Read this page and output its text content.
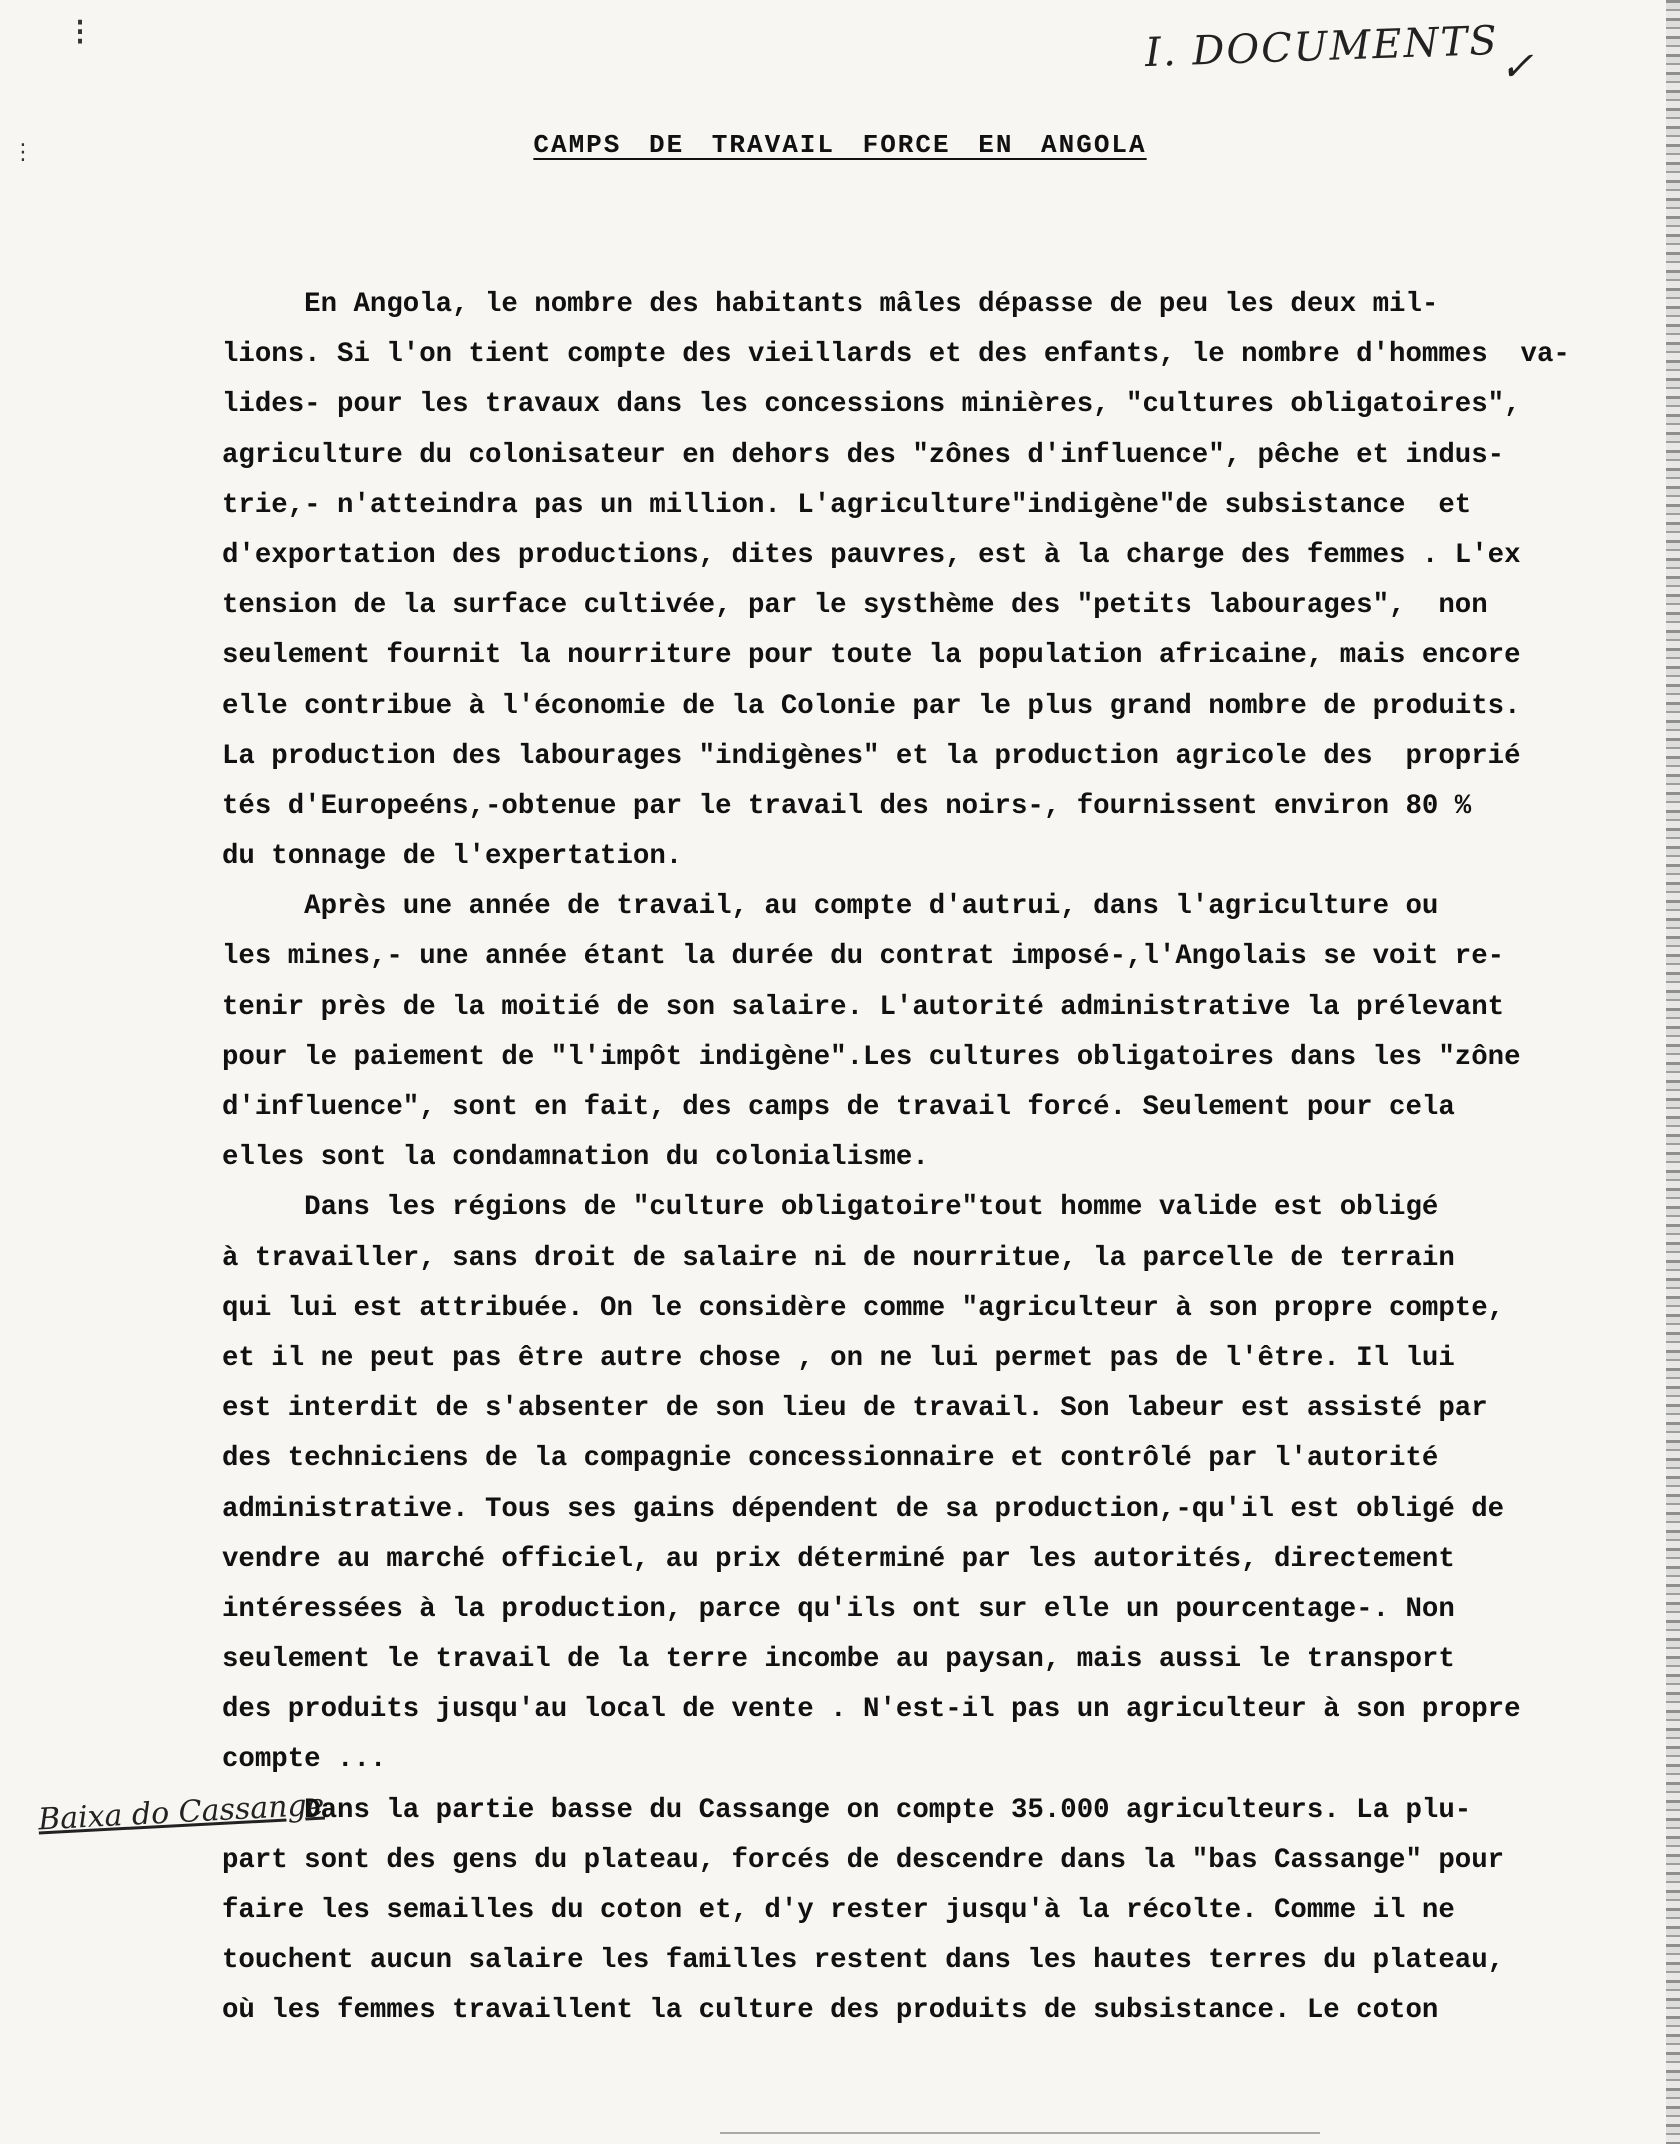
⁝
⋮
I. DOCUMENTS ✓
CAMPS DE TRAVAIL FORCE EN ANGOLA
Baixa do Cassange
En Angola, le nombre des habitants mâles dépasse de peu les deux mil-
lions. Si l'on tient compte des vieillards et des enfants, le nombre d'hommes  va-
lides- pour les travaux dans les concessions minières, "cultures obligatoires",
agriculture du colonisateur en dehors des "zônes d'influence", pêche et indus-
trie,- n'atteindra pas un million. L'agriculture"indigène"de subsistance  et
d'exportation des productions, dites pauvres, est à la charge des femmes . L'ex
tension de la surface cultivée, par le systhème des "petits labourages",  non
seulement fournit la nourriture pour toute la population africaine, mais encore
elle contribue à l'économie de la Colonie par le plus grand nombre de produits.
La production des labourages "indigènes" et la production agricole des  proprié
tés d'Europeéns,-obtenue par le travail des noirs-, fournissent environ 80 %
du tonnage de l'expertation.
Après une année de travail, au compte d'autrui, dans l'agriculture ou
les mines,- une année étant la durée du contrat imposé-,l'Angolais se voit re-
tenir près de la moitié de son salaire. L'autorité administrative la prélevant
pour le paiement de "l'impôt indigène".Les cultures obligatoires dans les "zône
d'influence", sont en fait, des camps de travail forcé. Seulement pour cela
elles sont la condamnation du colonialisme.
Dans les régions de "culture obligatoire"tout homme valide est obligé
à travailler, sans droit de salaire ni de nourritue, la parcelle de terrain
qui lui est attribuée. On le considère comme "agriculteur à son propre compte,
et il ne peut pas être autre chose , on ne lui permet pas de l'être. Il lui
est interdit de s'absenter de son lieu de travail. Son labeur est assisté par
des techniciens de la compagnie concessionnaire et contrôlé par l'autorité
administrative. Tous ses gains dépendent de sa production,-qu'il est obligé de
vendre au marché officiel, au prix déterminé par les autorités, directement
intéressées à la production, parce qu'ils ont sur elle un pourcentage-. Non
seulement le travail de la terre incombe au paysan, mais aussi le transport
des produits jusqu'au local de vente . N'est-il pas un agriculteur à son propre
compte ...
Dans la partie basse du Cassange on compte 35.000 agriculteurs. La plu-
part sont des gens du plateau, forcés de descendre dans la "bas Cassange" pour
faire les semailles du coton et, d'y rester jusqu'à la récolte. Comme il ne
touchent aucun salaire les familles restent dans les hautes terres du plateau,
où les femmes travaillent la culture des produits de subsistance. Le coton
